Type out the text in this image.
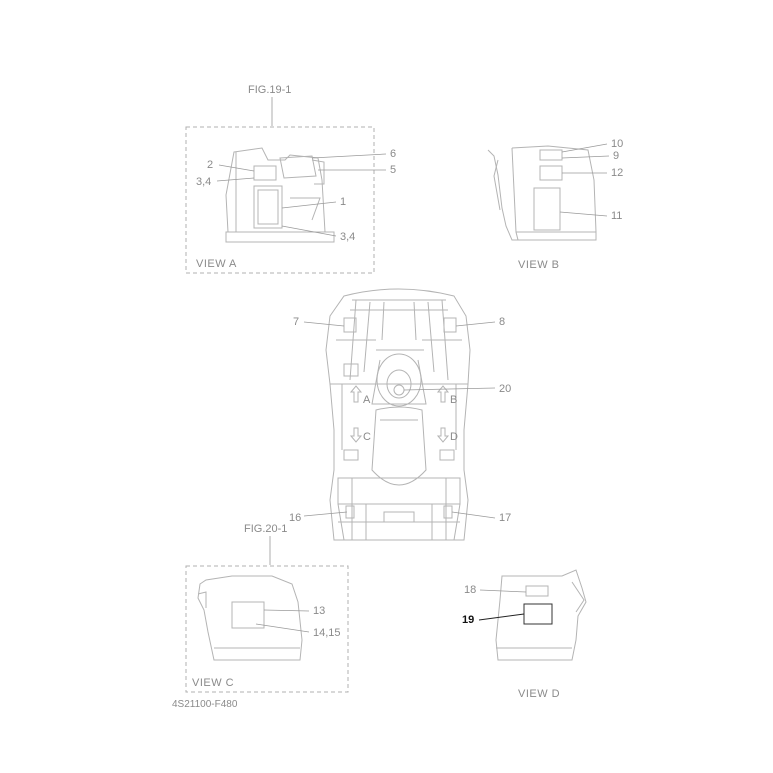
FIG.19-1
2
3,4
6
5
1
3,4
VIEW A
10
9
12
11
VIEW B
A	B
C	D
7	8
20
16	17
FIG.20-1
13
14,15
VIEW C
18
19
VIEW D
4S21100-F480
